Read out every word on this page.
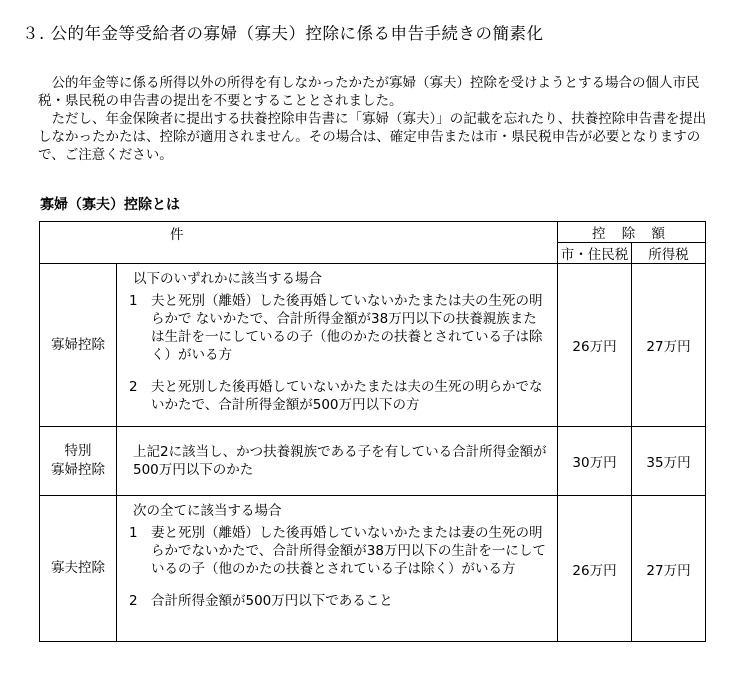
３. 公的年金等受給者の寡婦（寡夫）控除に係る申告手続きの簡素化

　公的年金等に係る所得以外の所得を有しなかったかたが寡婦（寡夫）控除を受けようとする場合の個人市民税・県民税の申告書の提出を不要とすることとされました。

　ただし、年金保険者に提出する扶養控除申告書に「寡婦（寡夫）」の記載を忘れたり、扶養控除申告書を提出しなかったかたは、控除が適用されません。その場合は、確定申告または市・県民税申告が必要となりますので、ご注意ください。

寡婦（寡夫）控除とは
件		控 除 額	
		市・住民税	所得税
寡婦控除	以下のいずれかに該当する場合

1 夫と死別（離婚）した後再婚していないかたまたは夫の生死の明らかで ないかたで、合計所得金額が38万円以下の扶養親族または生計を一にしているの子（他のかたの扶養とされている子は除く）がいる方
2 夫と死別した後再婚していないかたまたは夫の生死の明らかでないかたで、合計所得金額が500万円以下の方	26万円	27万円

特別
寡婦控除	上記2に該当し、かつ扶養親族である子を有している合計所得金額が500万円以下のかた	30万円	35万円
寡夫控除	次の全てに該当する場合

1 妻と死別（離婚）した後再婚していないかたまたは妻の生死の明らかでないかたで、合計所得金額が38万円以下の生計を一にしているの子（他のかたの扶養とされている子は除く）がいる方
2 合計所得金額が500万円以下であること	26万円	27万円
